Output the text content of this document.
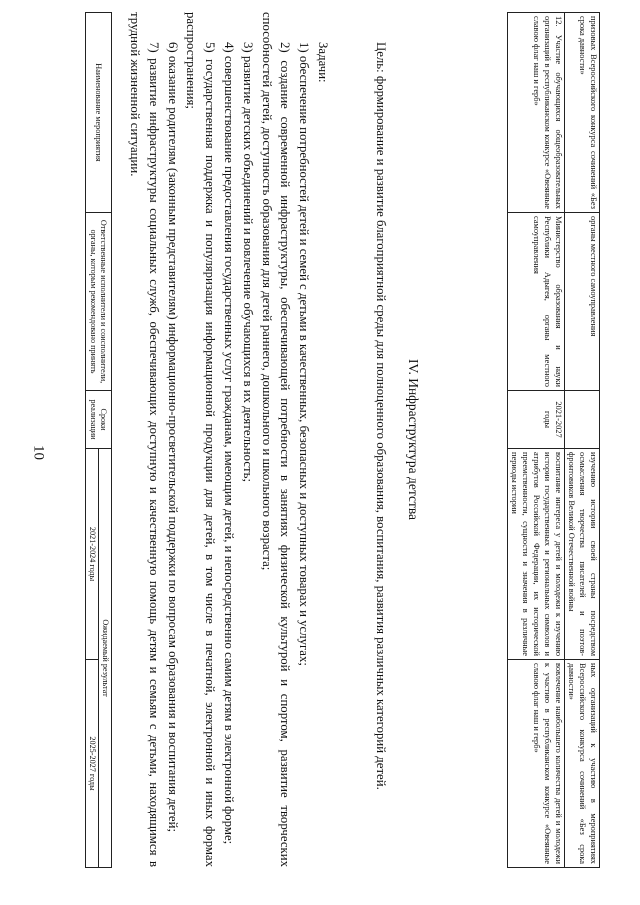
10
призовых Всероссийского конкурса сочинений «Без срока давности»	органы местного самоуправления		изучению истории своей страны посредством осмысления творчества писателей и поэтов-фронтовиков Великой Отечественной войны	ных организаций к участию в мероприятиях Всероссийского конкурса сочинений «Без срока давности»
12. Участие обучающихся общеобразовательных организаций в республиканском конкурсе «Овеянные славою флаг наш и герб»	Министерство образования и науки Республики Адыгея, органы местного самоуправления	2021-2027 годы	воспитание интереса у детей и молодежи к изучению истории государственных и региональных символов и атрибутов Российской Федерации, их исторической преемственности, сущности и значения в различные периоды истории	вовлечение наибольшего количества детей и молодежи к участию в республиканском конкурсе «Овеянные славою флаг наш и герб»
IV. Инфраструктура детства

Цель: формирование и развитие благоприятной среды для полноценного образования, воспитания, развития различных категорий детей.

Задачи:
1) обеспечение потребностей детей и семей с детьми в качественных, безопасных и доступных товарах и услугах;
2) создание современной инфраструктуры, обеспечивающей потребности в занятиях физической культурой и спортом, развитие творческих способностей детей, доступность образования для детей раннего, дошкольного и школьного возраста;
3) развитие детских объединений и вовлечение обучающихся в их деятельность;
4) совершенствование предоставления государственных услуг гражданам, имеющим детей, и непосредственно самим детям в электронной форме;
5) государственная поддержка и популяризация информационной продукции для детей, в том числе в печатной, электронной и иных формах распространения;
6) оказание родителям (законным представителям) информационно-просветительской поддержки по вопросам образования и воспитания детей;
7) развитие инфраструктуры социальных служб, обеспечивающих доступную и качественную помощь детям и семьям с детьми, находящимся в трудной жизненной ситуации.
Наименование мероприятия	Ответственные исполнители и соисполнители, органы, которым рекомендовано принять	Сроки реализации	Ожидаемый результат	
			2021-2024 годы	2025-2027 годы
